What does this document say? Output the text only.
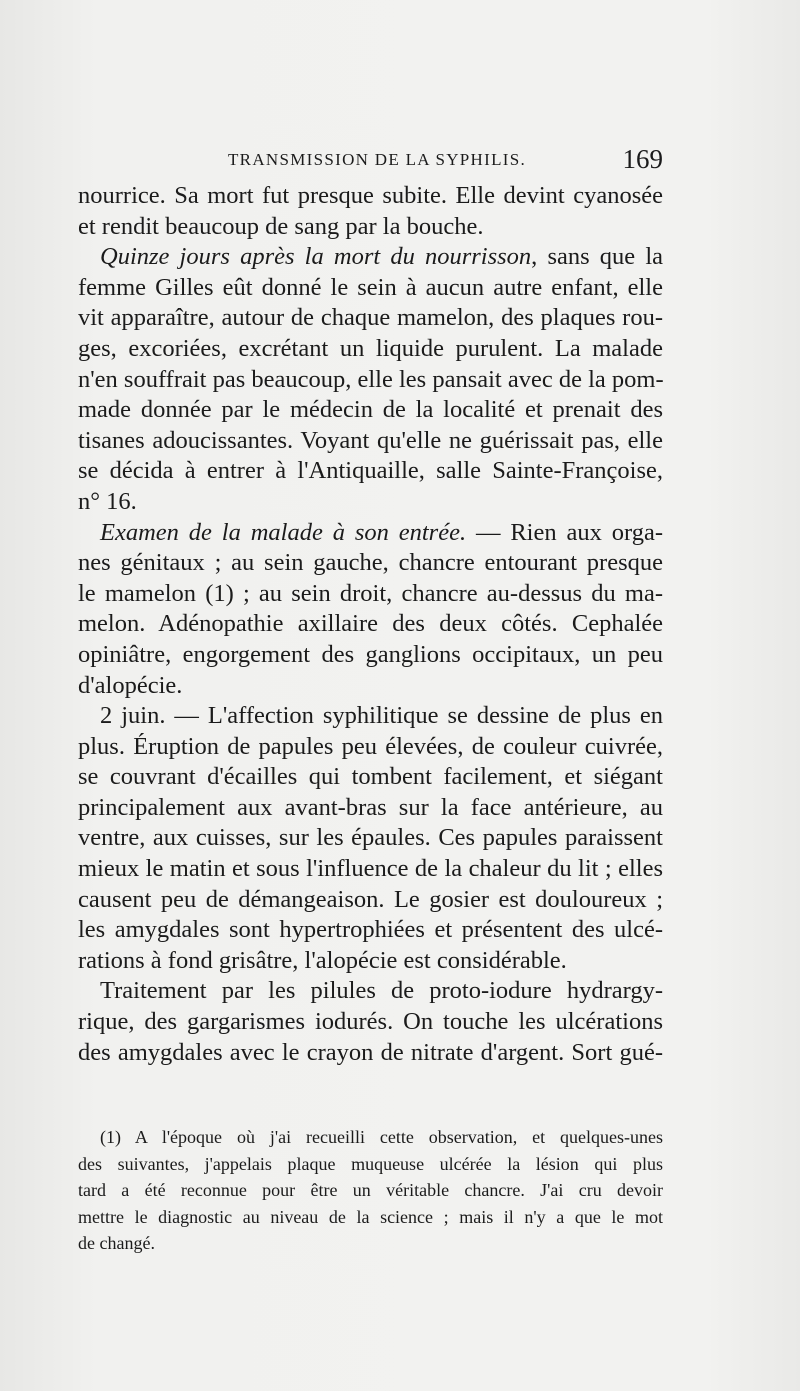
TRANSMISSION DE LA SYPHILIS.	169
nourrice. Sa mort fut presque subite. Elle devint cyanosée
et rendit beaucoup de sang par la bouche.
Quinze jours après la mort du nourrisson, sans que la
femme Gilles eût donné le sein à aucun autre enfant, elle
vit apparaître, autour de chaque mamelon, des plaques rou-
ges, excoriées, excrétant un liquide purulent. La malade
n'en souffrait pas beaucoup, elle les pansait avec de la pom-
made donnée par le médecin de la localité et prenait des
tisanes adoucissantes. Voyant qu'elle ne guérissait pas, elle
se décida à entrer à l'Antiquaille, salle Sainte-Françoise,
n° 16.
Examen de la malade à son entrée. — Rien aux orga-
nes génitaux ; au sein gauche, chancre entourant presque
le mamelon (1) ; au sein droit, chancre au-dessus du ma-
melon. Adénopathie axillaire des deux côtés. Cephalée
opiniâtre, engorgement des ganglions occipitaux, un peu
d'alopécie.
2 juin. — L'affection syphilitique se dessine de plus en
plus. Éruption de papules peu élevées, de couleur cuivrée,
se couvrant d'écailles qui tombent facilement, et siégant
principalement aux avant-bras sur la face antérieure, au
ventre, aux cuisses, sur les épaules. Ces papules paraissent
mieux le matin et sous l'influence de la chaleur du lit ; elles
causent peu de démangeaison. Le gosier est douloureux ;
les amygdales sont hypertrophiées et présentent des ulcé-
rations à fond grisâtre, l'alopécie est considérable.
Traitement par les pilules de proto-iodure hydrargy-
rique, des gargarismes iodurés. On touche les ulcérations
des amygdales avec le crayon de nitrate d'argent. Sort gué-
(1) A l'époque où j'ai recueilli cette observation, et quelques-unes
des suivantes, j'appelais plaque muqueuse ulcérée la lésion qui plus
tard a été reconnue pour être un véritable chancre. J'ai cru devoir
mettre le diagnostic au niveau de la science ; mais il n'y a que le mot
de changé.
